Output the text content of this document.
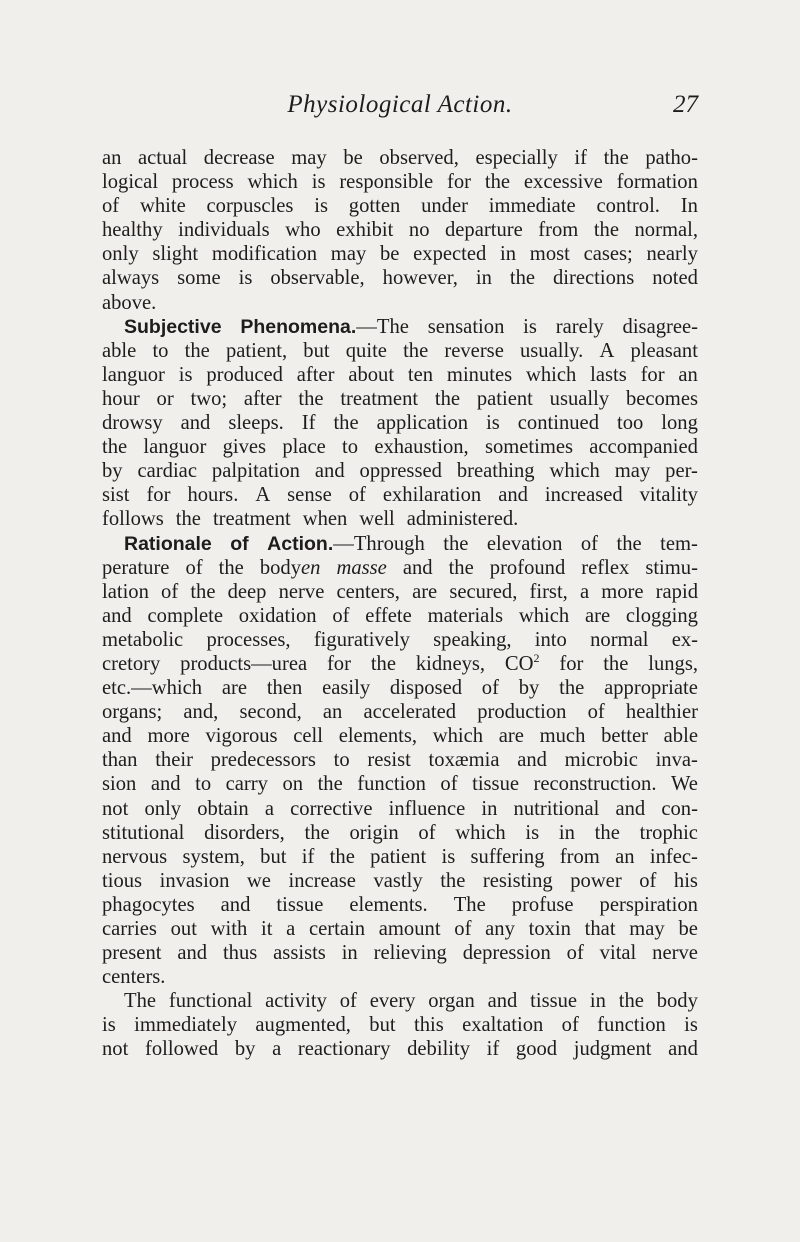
Physiological Action.	27
an actual decrease may be observed, especially if the patho-
logical process which is responsible for the excessive formation
of white corpuscles is gotten under immediate control. In
healthy individuals who exhibit no departure from the normal,
only slight modification may be expected in most cases; nearly
always some is observable, however, in the directions noted
above.
Subjective Phenomena.—The sensation is rarely disagree-
able to the patient, but quite the reverse usually. A pleasant
languor is produced after about ten minutes which lasts for an
hour or two; after the treatment the patient usually becomes
drowsy and sleeps. If the application is continued too long
the languor gives place to exhaustion, sometimes accompanied
by cardiac palpitation and oppressed breathing which may per-
sist for hours. A sense of exhilaration and increased vitality
follows the treatment when well administered.
Rationale of Action.—Through the elevation of the tem-
perature of the bodyen masse and the profound reflex stimu-
lation of the deep nerve centers, are secured, first, a more rapid
and complete oxidation of effete materials which are clogging
metabolic processes, figuratively speaking, into normal ex-
cretory products—urea for the kidneys, $CO^2$ for the lungs,
etc.—which are then easily disposed of by the appropriate
organs; and, second, an accelerated production of healthier
and more vigorous cell elements, which are much better able
than their predecessors to resist toxæmia and microbic inva-
sion and to carry on the function of tissue reconstruction. We
not only obtain a corrective influence in nutritional and con-
stitutional disorders, the origin of which is in the trophic
nervous system, but if the patient is suffering from an infec-
tious invasion we increase vastly the resisting power of his
phagocytes and tissue elements. The profuse perspiration
carries out with it a certain amount of any toxin that may be
present and thus assists in relieving depression of vital nerve
centers.
The functional activity of every organ and tissue in the body
is immediately augmented, but this exaltation of function is
not followed by a reactionary debility if good judgment and
